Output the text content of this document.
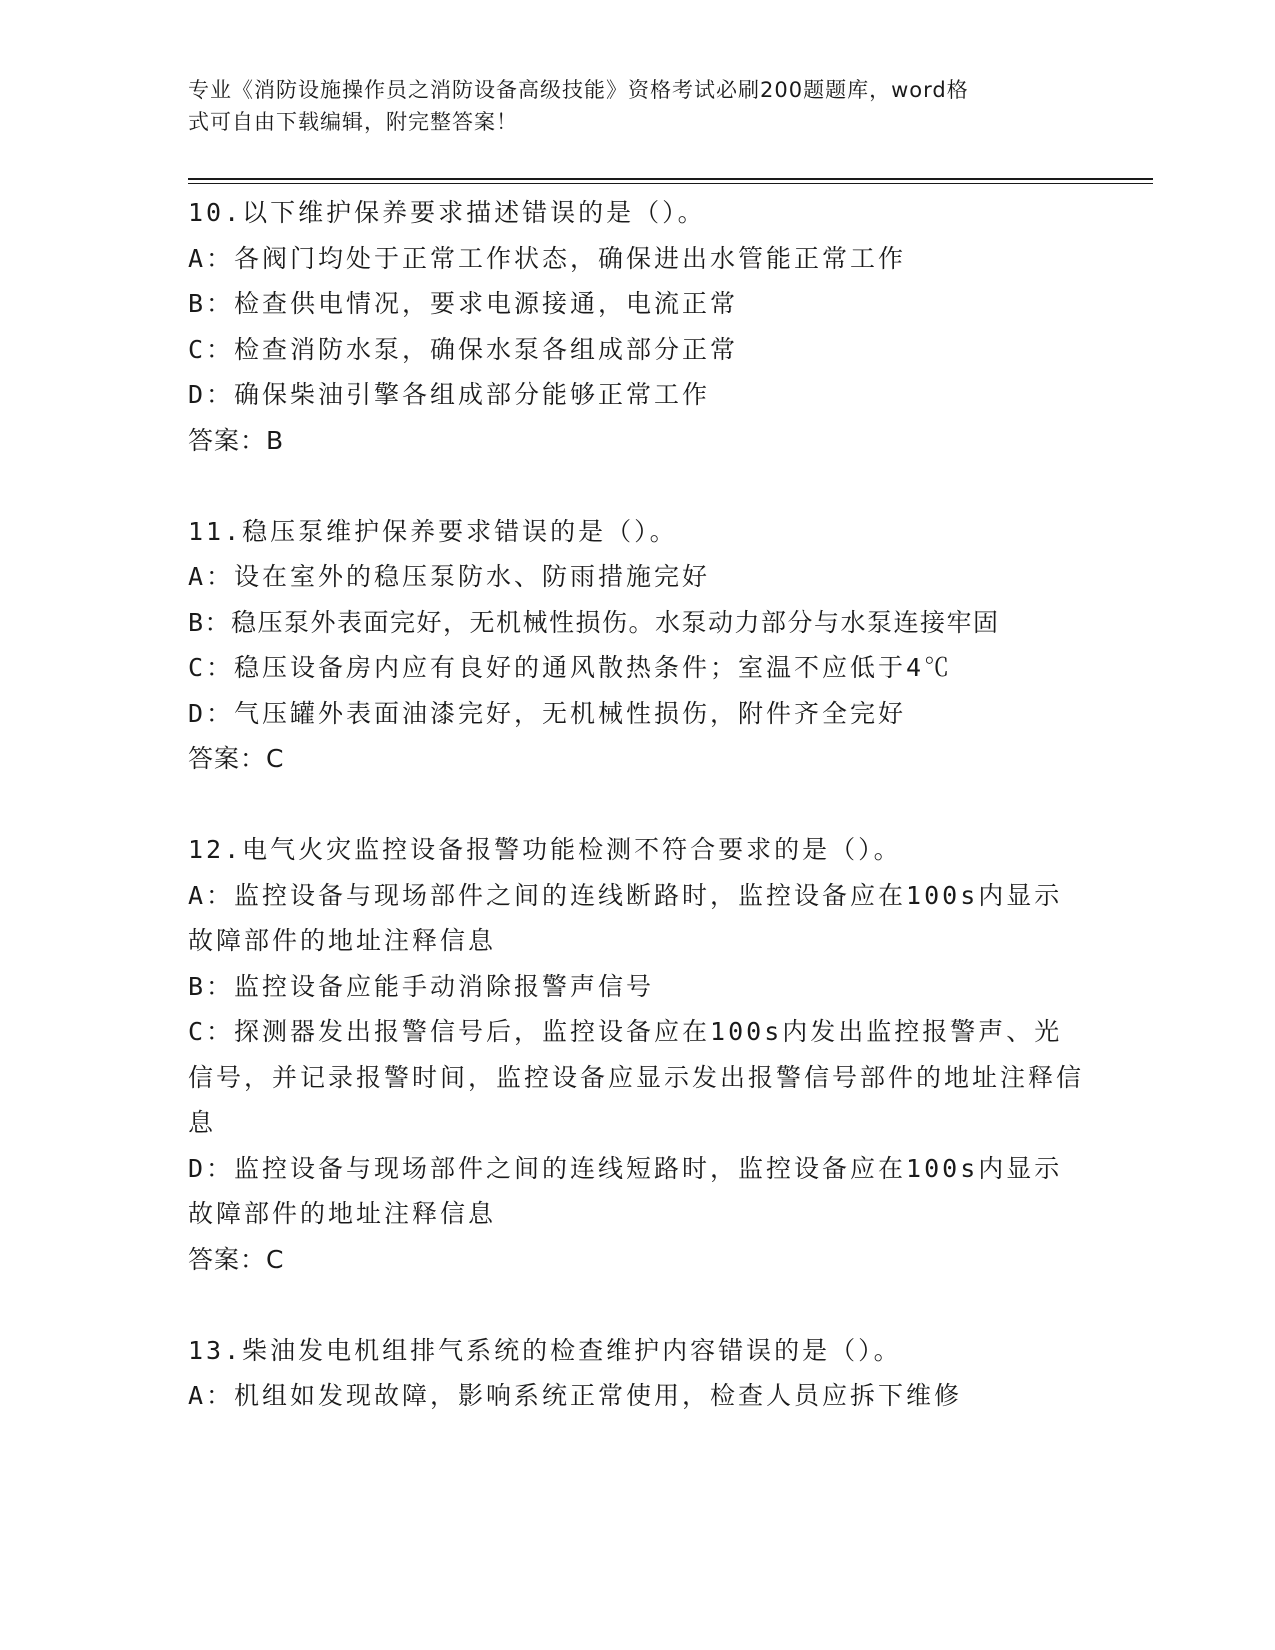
专业《消防设施操作员之消防设备高级技能》资格考试必刷200题题库，word格
式可自由下载编辑，附完整答案！
10.以下维护保养要求描述错误的是（）。
A：各阀门均处于正常工作状态，确保进出水管能正常工作
B：检查供电情况，要求电源接通，电流正常
C：检查消防水泵，确保水泵各组成部分正常
D：确保柴油引擎各组成部分能够正常工作
答案：B
11.稳压泵维护保养要求错误的是（）。
A：设在室外的稳压泵防水、防雨措施完好
B：稳压泵外表面完好，无机械性损伤。水泵动力部分与水泵连接牢固
C：稳压设备房内应有良好的通风散热条件；室温不应低于4℃
D：气压罐外表面油漆完好，无机械性损伤，附件齐全完好
答案：C
12.电气火灾监控设备报警功能检测不符合要求的是（）。
A：监控设备与现场部件之间的连线断路时，监控设备应在100s内显示故障部件的地址注释信息
B：监控设备应能手动消除报警声信号
C：探测器发出报警信号后，监控设备应在100s内发出监控报警声、光信号，并记录报警时间，监控设备应显示发出报警信号部件的地址注释信息
D：监控设备与现场部件之间的连线短路时，监控设备应在100s内显示故障部件的地址注释信息
答案：C
13.柴油发电机组排气系统的检查维护内容错误的是（）。
A：机组如发现故障，影响系统正常使用，检查人员应拆下维修
